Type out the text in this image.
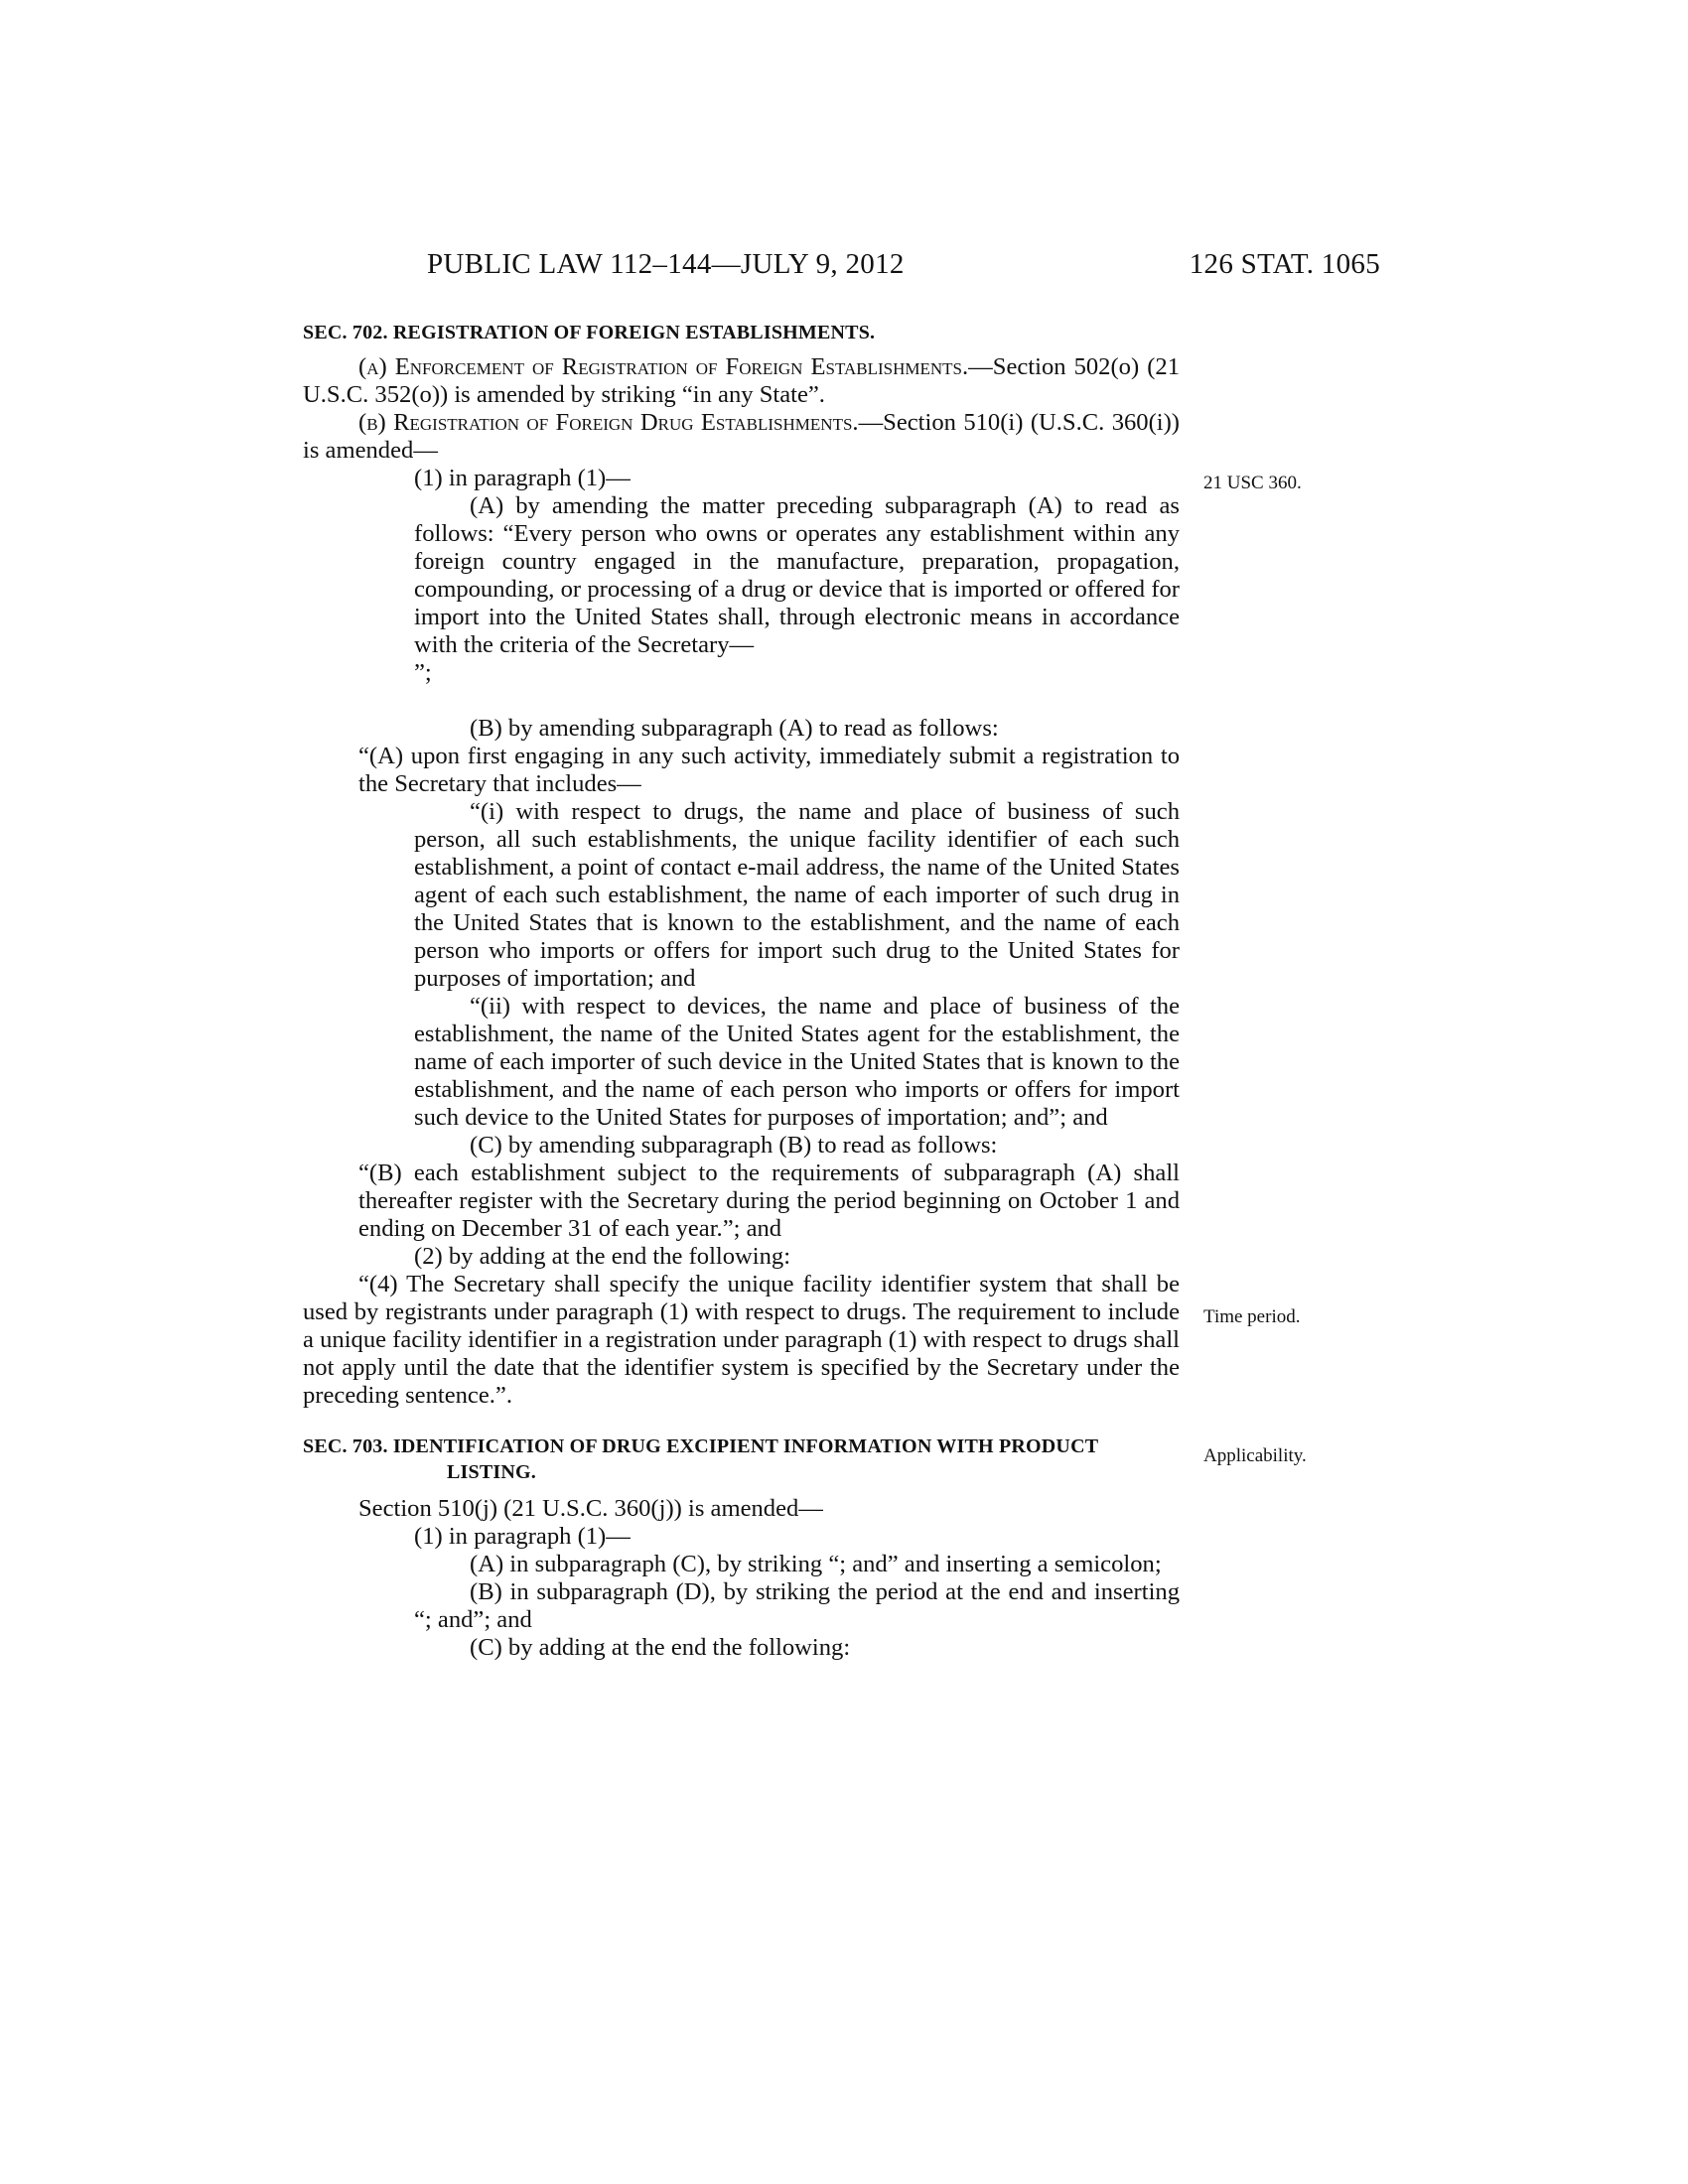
PUBLIC LAW 112–144—JULY 9, 2012	126 STAT. 1065
SEC. 702. REGISTRATION OF FOREIGN ESTABLISHMENTS.

(a) Enforcement of Registration of Foreign Establishments.—Section 502(o) (21 U.S.C. 352(o)) is amended by striking “in any State”.

(b) Registration of Foreign Drug Establishments.—Section 510(i) (U.S.C. 360(i)) is amended—

(1) in paragraph (1)—

(A) by amending the matter preceding subparagraph (A) to read as follows: “Every person who owns or operates any establishment within any foreign country engaged in the manufacture, preparation, propagation, compounding, or processing of a drug or device that is imported or offered for import into the United States shall, through electronic means in accordance with the criteria of the Secretary—

”;

(B) by amending subparagraph (A) to read as follows:

“(A) upon first engaging in any such activity, immediately submit a registration to the Secretary that includes—

“(i) with respect to drugs, the name and place of business of such person, all such establishments, the unique facility identifier of each such establishment, a point of contact e-mail address, the name of the United States agent of each such establishment, the name of each importer of such drug in the United States that is known to the establishment, and the name of each person who imports or offers for import such drug to the United States for purposes of importation; and

“(ii) with respect to devices, the name and place of business of the establishment, the name of the United States agent for the establishment, the name of each importer of such device in the United States that is known to the establishment, and the name of each person who imports or offers for import such device to the United States for purposes of importation; and”; and

(C) by amending subparagraph (B) to read as follows:

“(B) each establishment subject to the requirements of subparagraph (A) shall thereafter register with the Secretary during the period beginning on October 1 and ending on December 31 of each year.”; and

(2) by adding at the end the following:

“(4) The Secretary shall specify the unique facility identifier system that shall be used by registrants under paragraph (1) with respect to drugs. The requirement to include a unique facility identifier in a registration under paragraph (1) with respect to drugs shall not apply until the date that the identifier system is specified by the Secretary under the preceding sentence.”.

SEC. 703. IDENTIFICATION OF DRUG EXCIPIENT INFORMATION WITH PRODUCT LISTING.

Section 510(j) (21 U.S.C. 360(j)) is amended—

(1) in paragraph (1)—

(A) in subparagraph (C), by striking “; and” and inserting a semicolon;

(B) in subparagraph (D), by striking the period at the end and inserting “; and”; and

(C) by adding at the end the following:

21 USC 360.
Time period.
Applicability.
